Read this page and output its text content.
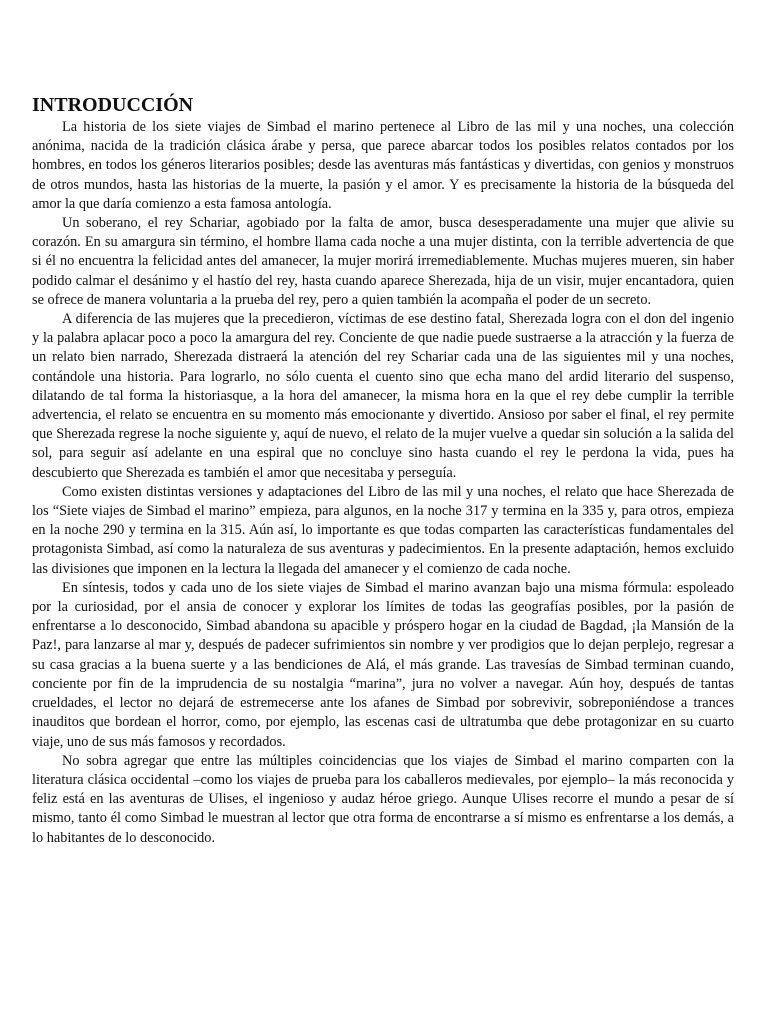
INTRODUCCIÓN

La historia de los siete viajes de Simbad el marino pertenece al Libro de las mil y una noches, una colección anónima, nacida de la tradición clásica árabe y persa, que parece abarcar todos los posibles relatos contados por los hombres, en todos los géneros literarios posibles; desde las aventuras más fantásticas y divertidas, con genios y monstruos de otros mundos, hasta las historias de la muerte, la pasión y el amor. Y es precisamente la historia de la búsqueda del amor la que daría comienzo a esta famosa antología.

Un soberano, el rey Schariar, agobiado por la falta de amor, busca desesperadamente una mujer que alivie su corazón. En su amargura sin término, el hombre llama cada noche a una mujer distinta, con la terrible advertencia de que si él no encuentra la felicidad antes del amanecer, la mujer morirá irremediablemente. Muchas mujeres mueren, sin haber podido calmar el desánimo y el hastío del rey, hasta cuando aparece Sherezada, hija de un visir, mujer encantadora, quien se ofrece de manera voluntaria a la prueba del rey, pero a quien también la acompaña el poder de un secreto.

A diferencia de las mujeres que la precedieron, víctimas de ese destino fatal, Sherezada logra con el don del ingenio y la palabra aplacar poco a poco la amargura del rey. Conciente de que nadie puede sustraerse a la atracción y la fuerza de un relato bien narrado, Sherezada distraerá la atención del rey Schariar cada una de las siguientes mil y una noches, contándole una historia. Para lograrlo, no sólo cuenta el cuento sino que echa mano del ardid literario del suspenso, dilatando de tal forma la historiasque, a la hora del amanecer, la misma hora en la que el rey debe cumplir la terrible advertencia, el relato se encuentra en su momento más emocionante y divertido. Ansioso por saber el final, el rey permite que Sherezada regrese la noche siguiente y, aquí de nuevo, el relato de la mujer vuelve a quedar sin solución a la salida del sol, para seguir así adelante en una espiral que no concluye sino hasta cuando el rey le perdona la vida, pues ha descubierto que Sherezada es también el amor que necesitaba y perseguía.

Como existen distintas versiones y adaptaciones del Libro de las mil y una noches, el relato que hace Sherezada de los “Siete viajes de Simbad el marino” empieza, para algunos, en la noche 317 y termina en la 335 y, para otros, empieza en la noche 290 y termina en la 315. Aún así, lo importante es que todas comparten las características fundamentales del protagonista Simbad, así como la naturaleza de sus aventuras y padecimientos. En la presente adaptación, hemos excluido las divisiones que imponen en la lectura la llegada del amanecer y el comienzo de cada noche.

En síntesis, todos y cada uno de los siete viajes de Simbad el marino avanzan bajo una misma fórmula: espoleado por la curiosidad, por el ansia de conocer y explorar los límites de todas las geografías posibles, por la pasión de enfrentarse a lo desconocido, Simbad abandona su apacible y próspero hogar en la ciudad de Bagdad, ¡la Mansión de la Paz!, para lanzarse al mar y, después de padecer sufrimientos sin nombre y ver prodigios que lo dejan perplejo, regresar a su casa gracias a la buena suerte y a las bendiciones de Alá, el más grande. Las travesías de Simbad terminan cuando, conciente por fin de la imprudencia de su nostalgia “marina”, jura no volver a navegar. Aún hoy, después de tantas crueldades, el lector no dejará de estremecerse ante los afanes de Simbad por sobrevivir, sobreponiéndose a trances inauditos que bordean el horror, como, por ejemplo, las escenas casi de ultratumba que debe protagonizar en su cuarto viaje, uno de sus más famosos y recordados.

No sobra agregar que entre las múltiples coincidencias que los viajes de Simbad el marino comparten con la literatura clásica occidental –como los viajes de prueba para los caballeros medievales, por ejemplo– la más reconocida y feliz está en las aventuras de Ulises, el ingenioso y audaz héroe griego. Aunque Ulises recorre el mundo a pesar de sí mismo, tanto él como Simbad le muestran al lector que otra forma de encontrarse a sí mismo es enfrentarse a los demás, a lo habitantes de lo desconocido.
